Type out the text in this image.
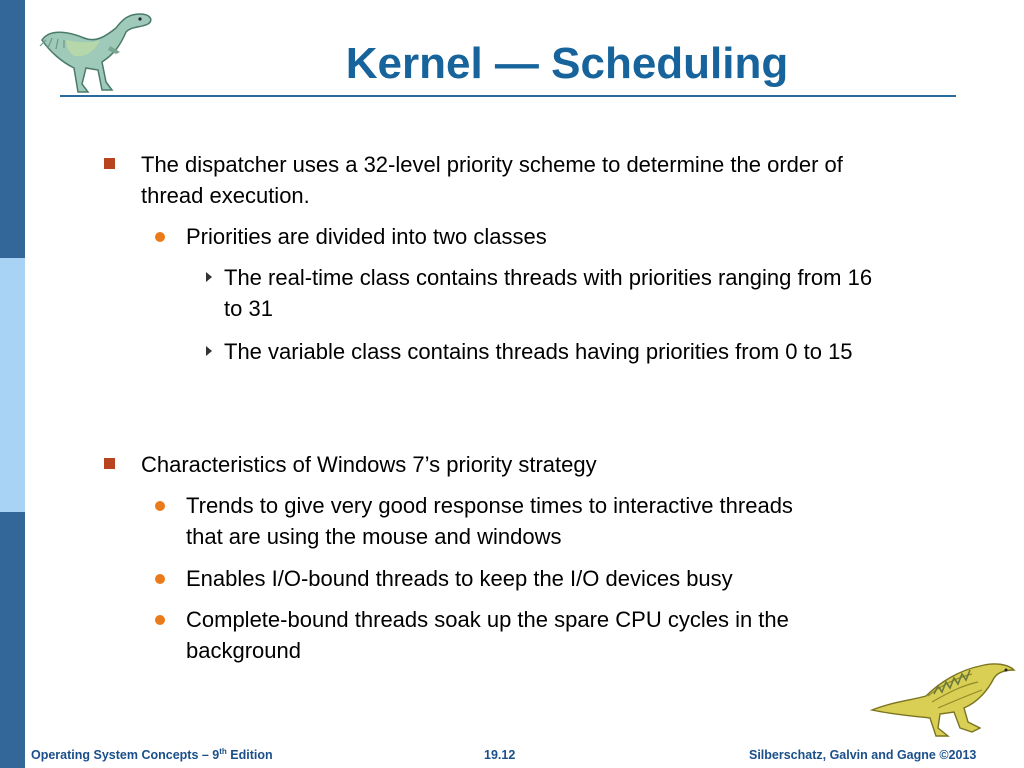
Kernel — Scheduling

The dispatcher uses a 32-level priority scheme to determine the order of thread execution.

Priorities are divided into two classes

The real-time class contains threads with priorities ranging from 16 to 31

The variable class contains threads having priorities from 0 to 15

Characteristics of Windows 7’s priority strategy

Trends to give very good response times to interactive threads that are using the mouse and windows

Enables I/O-bound threads to keep the I/O devices busy

Complete-bound threads soak up the spare CPU cycles in the background

Operating System Concepts – 9th Edition	19.12	Silberschatz, Galvin and Gagne ©2013
